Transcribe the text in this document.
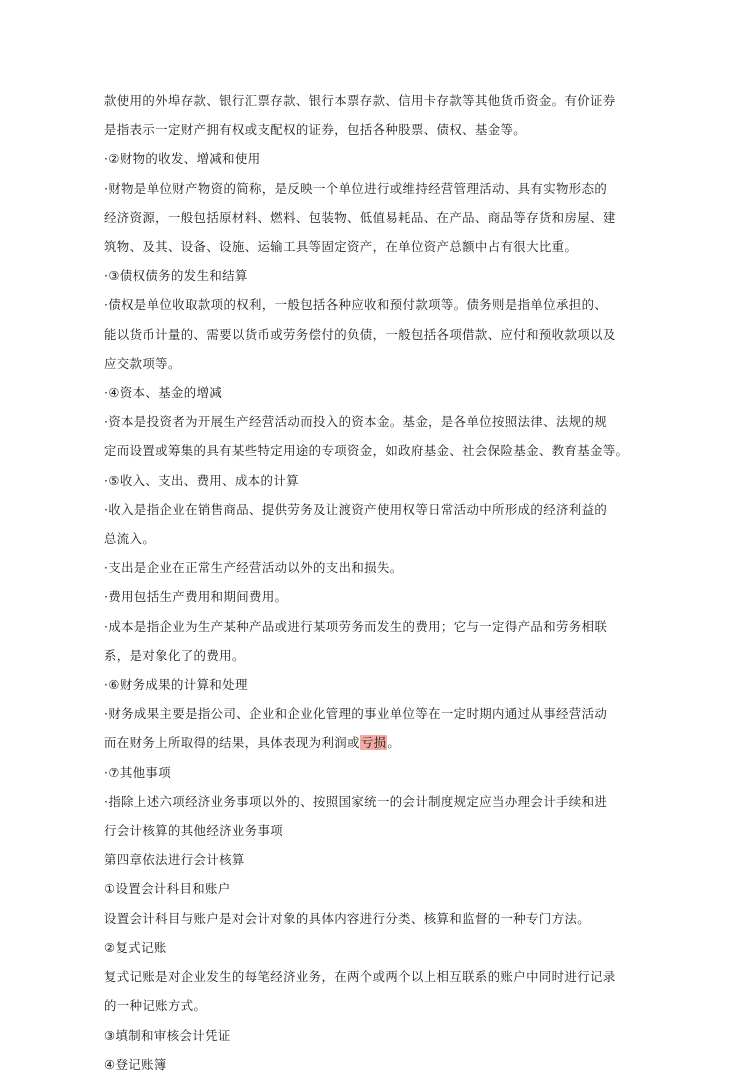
款使用的外埠存款、银行汇票存款、银行本票存款、信用卡存款等其他货币资金。有价证券

是指表示一定财产拥有权或支配权的证券，包括各种股票、债权、基金等。

·②财物的收发、增减和使用

·财物是单位财产物资的简称，是反映一个单位进行或维持经营管理活动、具有实物形态的

经济资源，一般包括原材料、燃料、包装物、低值易耗品、在产品、商品等存货和房屋、建

筑物、及其、设备、设施、运输工具等固定资产，在单位资产总额中占有很大比重。

·③债权债务的发生和结算

·债权是单位收取款项的权利，一般包括各种应收和预付款项等。债务则是指单位承担的、

能以货币计量的、需要以货币或劳务偿付的负债，一般包括各项借款、应付和预收款项以及

应交款项等。

·④资本、基金的增减

·资本是投资者为开展生产经营活动而投入的资本金。基金，是各单位按照法律、法规的规

定而设置或筹集的具有某些特定用途的专项资金，如政府基金、社会保险基金、教育基金等。

·⑤收入、支出、费用、成本的计算

·收入是指企业在销售商品、提供劳务及让渡资产使用权等日常活动中所形成的经济利益的

总流入。

·支出是企业在正常生产经营活动以外的支出和损失。

·费用包括生产费用和期间费用。

·成本是指企业为生产某种产品或进行某项劳务而发生的费用；它与一定得产品和劳务相联

系，是对象化了的费用。

·⑥财务成果的计算和处理

·财务成果主要是指公司、企业和企业化管理的事业单位等在一定时期内通过从事经营活动

而在财务上所取得的结果，具体表现为利润或亏损。

·⑦其他事项

·指除上述六项经济业务事项以外的、按照国家统一的会计制度规定应当办理会计手续和进

行会计核算的其他经济业务事项

第四章依法进行会计核算

①设置会计科目和账户

设置会计科目与账户是对会计对象的具体内容进行分类、核算和监督的一种专门方法。

②复式记账

复式记账是对企业发生的每笔经济业务，在两个或两个以上相互联系的账户中同时进行记录

的一种记账方式。

③填制和审核会计凭证

④登记账簿
